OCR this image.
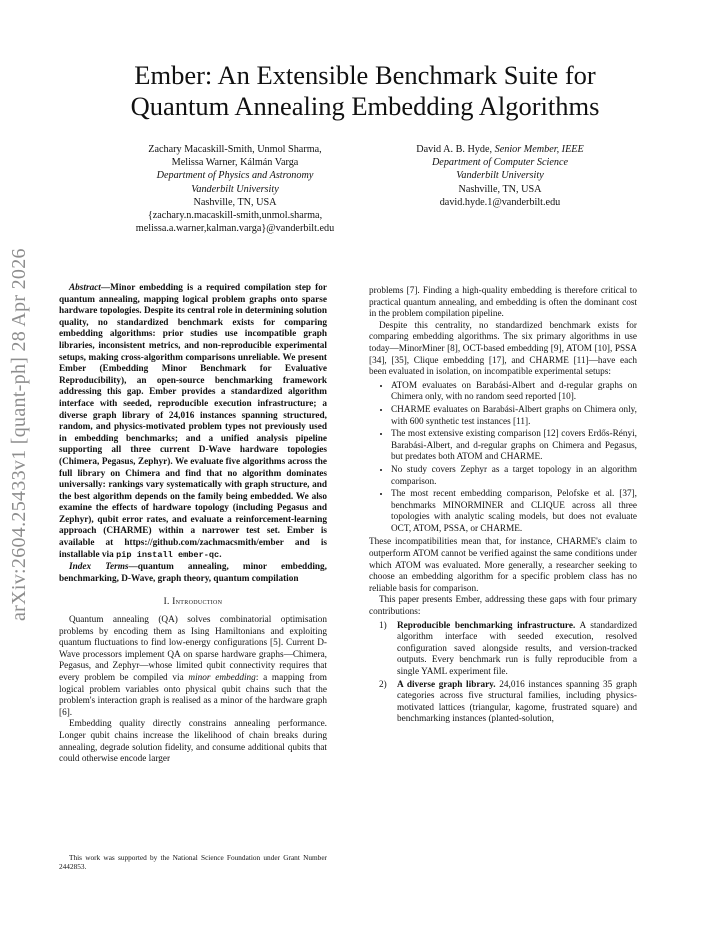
arXiv:2604.25433v1 [quant-ph] 28 Apr 2026
Ember: An Extensible Benchmark Suite for
Quantum Annealing Embedding Algorithms
Zachary Macaskill-Smith, Unmol Sharma,
Melissa Warner, Kálmán Varga
Department of Physics and Astronomy
Vanderbilt University
Nashville, TN, USA
{zachary.n.macaskill-smith,unmol.sharma,
melissa.a.warner,kalman.varga}@vanderbilt.edu
David A. B. Hyde, Senior Member, IEEE
Department of Computer Science
Vanderbilt University
Nashville, TN, USA
david.hyde.1@vanderbilt.edu

Abstract—Minor embedding is a required compilation step for quantum annealing, mapping logical problem graphs onto sparse hardware topologies. Despite its central role in determining solution quality, no standardized benchmark exists for comparing embedding algorithms: prior studies use incompatible graph libraries, inconsistent metrics, and non-reproducible experimental setups, making cross-algorithm comparisons unreliable. We present Ember (Embedding Minor Benchmark for Evaluative Reproducibility), an open-source benchmarking framework addressing this gap. Ember provides a standardized algorithm interface with seeded, reproducible execution infrastructure; a diverse graph library of 24,016 instances spanning structured, random, and physics-motivated problem types not previously used in embedding benchmarks; and a unified analysis pipeline supporting all three current D-Wave hardware topologies (Chimera, Pegasus, Zephyr). We evaluate five algorithms across the full library on Chimera and find that no algorithm dominates universally: rankings vary systematically with graph structure, and the best algorithm depends on the family being embedded. We also examine the effects of hardware topology (including Pegasus and Zephyr), qubit error rates, and evaluate a reinforcement-learning approach (CHARME) within a narrower test set. Ember is available at https://github.com/zachmacsmith/ember and is installable via pip install ember-qc.

Index Terms—quantum annealing, minor embedding, benchmarking, D-Wave, graph theory, quantum compilation

I. Introduction

Quantum annealing (QA) solves combinatorial optimisation problems by encoding them as Ising Hamiltonians and exploiting quantum fluctuations to find low-energy configurations [5]. Current D-Wave processors implement QA on sparse hardware graphs—Chimera, Pegasus, and Zephyr—whose limited qubit connectivity requires that every problem be compiled via minor embedding: a mapping from logical problem variables onto physical qubit chains such that the problem's interaction graph is realised as a minor of the hardware graph [6].

Embedding quality directly constrains annealing performance. Longer qubit chains increase the likelihood of chain breaks during annealing, degrade solution fidelity, and consume additional qubits that could otherwise encode larger

This work was supported by the National Science Foundation under Grant Number 2442853.

problems [7]. Finding a high-quality embedding is therefore critical to practical quantum annealing, and embedding is often the dominant cost in the problem compilation pipeline.

Despite this centrality, no standardized benchmark exists for comparing embedding algorithms. The six primary algorithms in use today—MinorMiner [8], OCT-based embedding [9], ATOM [10], PSSA [34], [35], Clique embedding [17], and CHARME [11]—have each been evaluated in isolation, on incompatible experimental setups:

• ATOM evaluates on Barabási-Albert and d-regular graphs on Chimera only, with no random seed reported [10].
• CHARME evaluates on Barabási-Albert graphs on Chimera only, with 600 synthetic test instances [11].
• The most extensive existing comparison [12] covers Erdős-Rényi, Barabási-Albert, and d-regular graphs on Chimera and Pegasus, but predates both ATOM and CHARME.
• No study covers Zephyr as a target topology in an algorithm comparison.
• The most recent embedding comparison, Pelofske et al. [37], benchmarks MINORMINER and CLIQUE across all three topologies with analytic scaling models, but does not evaluate OCT, ATOM, PSSA, or CHARME.

These incompatibilities mean that, for instance, CHARME's claim to outperform ATOM cannot be verified against the same conditions under which ATOM was evaluated. More generally, a researcher seeking to choose an embedding algorithm for a specific problem class has no reliable basis for comparison.

This paper presents Ember, addressing these gaps with four primary contributions:

1) Reproducible benchmarking infrastructure. A standardized algorithm interface with seeded execution, resolved configuration saved alongside results, and version-tracked outputs. Every benchmark run is fully reproducible from a single YAML experiment file.
2) A diverse graph library. 24,016 instances spanning 35 graph categories across five structural families, including physics-motivated lattices (triangular, kagome, frustrated square) and benchmarking instances (planted-solution,
